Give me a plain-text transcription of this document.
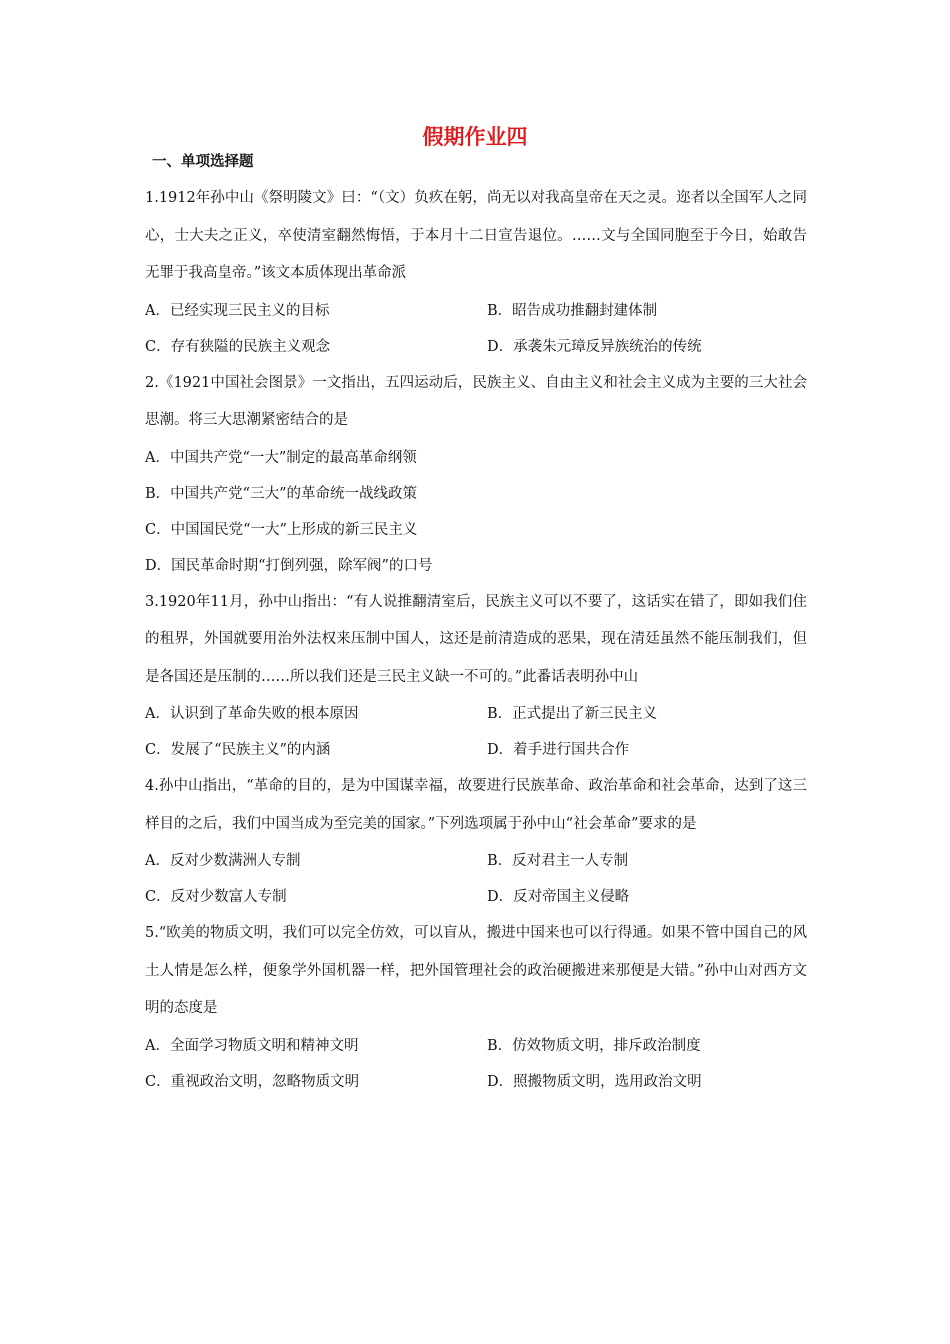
假期作业四
一、单项选择题

1.1912年孙中山《祭明陵文》曰：“（文）负疚在躬，尚无以对我高皇帝在天之灵。迩者以全国军人之同心，士大夫之正义，卒使清室翻然悔悟，于本月十二日宣告退位。……文与全国同胞至于今日，始敢告无罪于我高皇帝。”该文本质体现出革命派

A．已经实现三民主义的目标	B．昭告成功推翻封建体制
C．存有狭隘的民族主义观念	D．承袭朱元璋反异族统治的传统

2.《1921中国社会图景》一文指出，五四运动后，民族主义、自由主义和社会主义成为主要的三大社会思潮。将三大思潮紧密结合的是

A．中国共产党“一大”制定的最高革命纲领
B．中国共产党“三大”的革命统一战线政策
C．中国国民党“一大”上形成的新三民主义
D．国民革命时期“打倒列强，除军阀”的口号

3.1920年11月，孙中山指出：“有人说推翻清室后，民族主义可以不要了，这话实在错了，即如我们住的租界，外国就要用治外法权来压制中国人，这还是前清造成的恶果，现在清廷虽然不能压制我们，但是各国还是压制的……所以我们还是三民主义缺一不可的。”此番话表明孙中山

A．认识到了革命失败的根本原因	B．正式提出了新三民主义
C．发展了“民族主义”的内涵	D．着手进行国共合作

4.孙中山指出，“革命的目的，是为中国谋幸福，故要进行民族革命、政治革命和社会革命，达到了这三样目的之后，我们中国当成为至完美的国家。”下列选项属于孙中山“社会革命”要求的是

A．反对少数满洲人专制	B．反对君主一人专制
C．反对少数富人专制	D．反对帝国主义侵略

5.“欧美的物质文明，我们可以完全仿效，可以盲从，搬进中国来也可以行得通。如果不管中国自己的风土人情是怎么样，便象学外国机器一样，把外国管理社会的政治硬搬进来那便是大错。”孙中山对西方文明的态度是

A．全面学习物质文明和精神文明	B．仿效物质文明，排斥政治制度
C．重视政治文明，忽略物质文明	D．照搬物质文明，选用政治文明
